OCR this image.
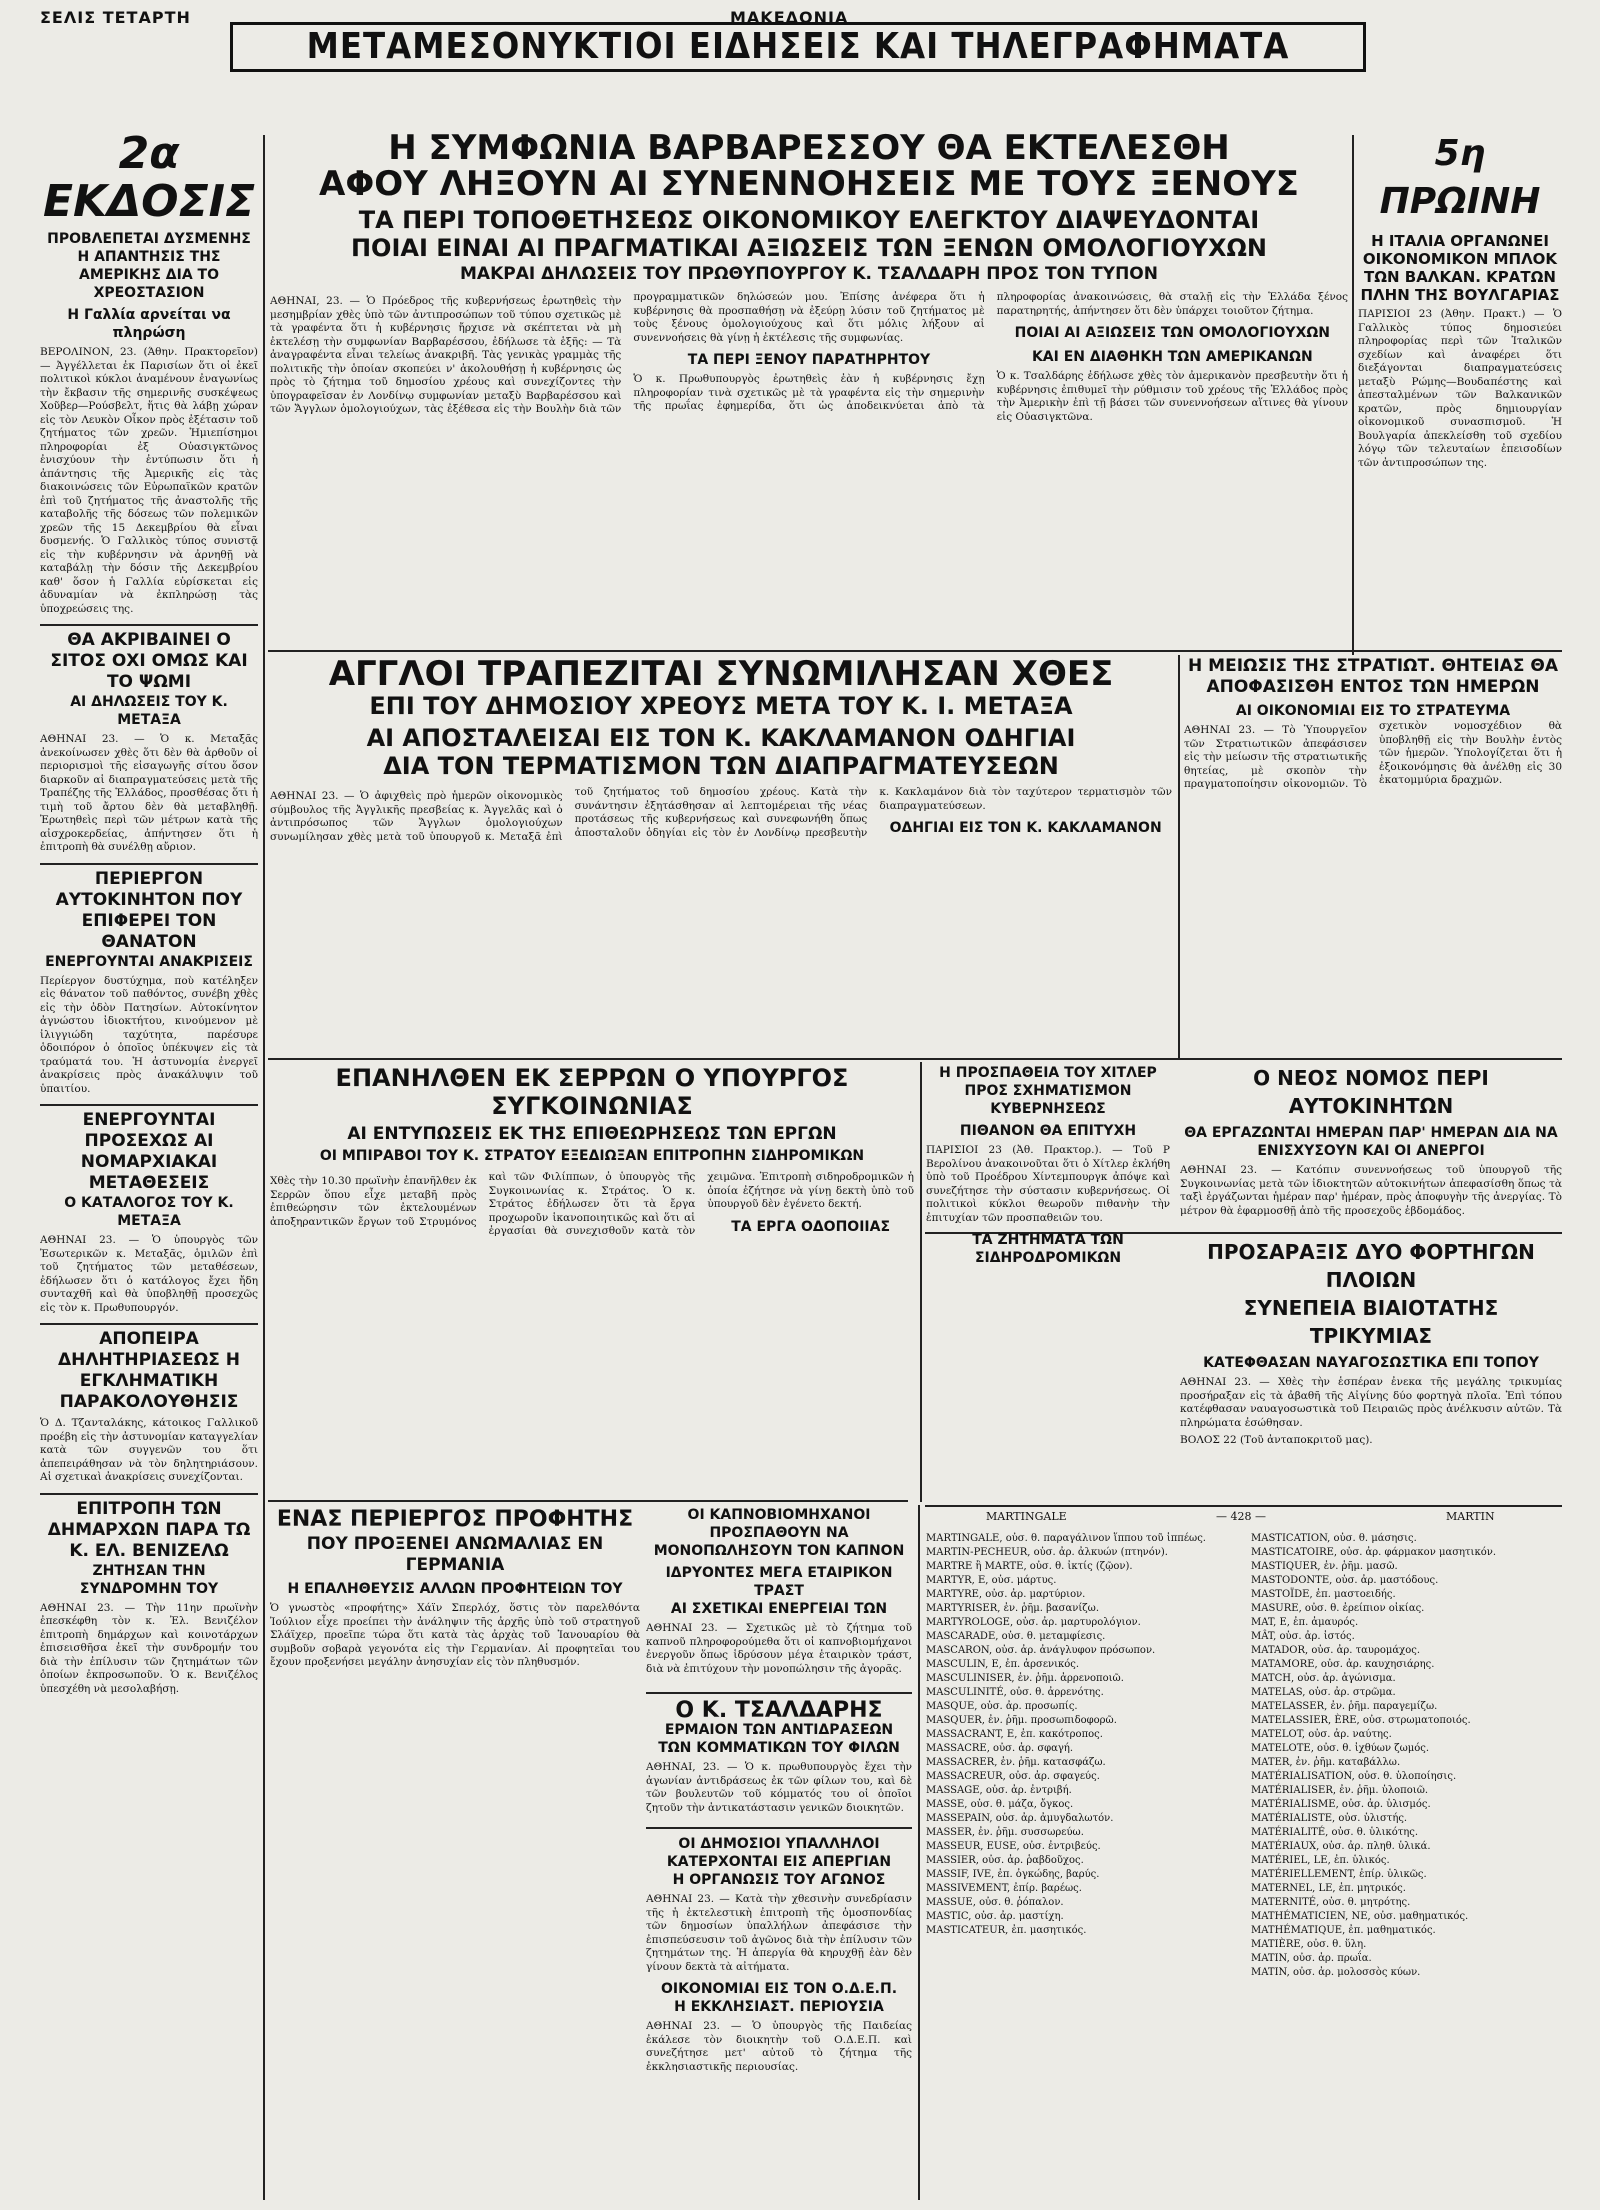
ΣΕΛΙΣ ΤΕΤΑΡΤΗ	ΜΑΚΕΔΟΝΙΑ
ΜΕΤΑΜΕΣΟΝΥΚΤΙΟΙ ΕΙΔΗΣΕΙΣ ΚΑΙ ΤΗΛΕΓΡΑΦΗΜΑΤΑ
2α ΕΚΔΟΣΙΣ
ΠΡΟΒΛΕΠΕΤΑΙ ΔΥΣΜΕΝΗΣ Η ΑΠΑΝΤΗΣΙΣ ΤΗΣ ΑΜΕΡΙΚΗΣ ΔΙΑ ΤΟ ΧΡΕΟΣΤΑΣΙΟΝ
Η Γαλλία αρνείται να πληρώση

ΒΕΡΟΛΙΝΟΝ, 23. (Άθην. Πρακτορεῖον) — Ἀγγέλλεται ἐκ Παρισίων ὅτι οἱ ἐκεῖ πολιτικοὶ κύκλοι ἀναμένουν ἐναγωνίως τὴν ἔκβασιν τῆς σημερινῆς συσκέψεως Χοῦβερ—Ρούσβελτ, ἥτις θὰ λάβῃ χώραν εἰς τὸν Λευκὸν Οἶκον πρὸς ἐξέτασιν τοῦ ζητήματος τῶν χρεῶν. Ἡμιεπίσημοι πληροφορίαι ἐξ Οὐασιγκτῶνος ἐνισχύουν τὴν ἐντύπωσιν ὅτι ἡ ἀπάντησις τῆς Ἀμερικῆς εἰς τὰς διακοινώσεις τῶν Εὐρωπαϊκῶν κρατῶν ἐπὶ τοῦ ζητήματος τῆς ἀναστολῆς τῆς καταβολῆς τῆς δόσεως τῶν πολεμικῶν χρεῶν τῆς 15 Δεκεμβρίου θὰ εἶναι δυσμενής. Ὁ Γαλλικὸς τύπος συνιστᾷ εἰς τὴν κυβέρνησιν νὰ ἀρνηθῇ νὰ καταβάλῃ τὴν δόσιν τῆς Δεκεμβρίου καθ' ὅσον ἡ Γαλλία εὑρίσκεται εἰς ἀδυναμίαν νὰ ἐκπληρώσῃ τὰς ὑποχρεώσεις της.

ΘΑ ΑΚΡΙΒΑΙΝΕΙ Ο ΣΙΤΟΣ ΟΧΙ ΟΜΩΣ ΚΑΙ ΤΟ ΨΩΜΙ
ΑΙ ΔΗΛΩΣΕΙΣ ΤΟΥ Κ. ΜΕΤΑΞΑ

ΑΘΗΝΑΙ 23. — Ὁ κ. Μεταξᾶς ἀνεκοίνωσεν χθὲς ὅτι δὲν θὰ ἀρθοῦν οἱ περιορισμοὶ τῆς εἰσαγωγῆς σίτου ὅσον διαρκοῦν αἱ διαπραγματεύσεις μετὰ τῆς Τραπέζης τῆς Ἑλλάδος, προσθέσας ὅτι ἡ τιμὴ τοῦ ἄρτου δὲν θὰ μεταβληθῇ. Ἐρωτηθεὶς περὶ τῶν μέτρων κατὰ τῆς αἰσχροκερδείας, ἀπήντησεν ὅτι ἡ ἐπιτροπὴ θὰ συνέλθῃ αὔριον.

ΠΕΡΙΕΡΓΟΝ ΑΥΤΟΚΙΝΗΤΟΝ ΠΟΥ ΕΠΙΦΕΡΕΙ ΤΟΝ ΘΑΝΑΤΟΝ
ΕΝΕΡΓΟΥΝΤΑΙ ΑΝΑΚΡΙΣΕΙΣ

Περίεργον δυστύχημα, ποὺ κατέληξεν εἰς θάνατον τοῦ παθόντος, συνέβη χθὲς εἰς τὴν ὁδὸν Πατησίων. Αὐτοκίνητον ἀγνώστου ἰδιοκτήτου, κινούμενον μὲ ἰλιγγιώδη ταχύτητα, παρέσυρε ὁδοιπόρον ὁ ὁποῖος ὑπέκυψεν εἰς τὰ τραύματά του. Ἡ ἀστυνομία ἐνεργεῖ ἀνακρίσεις πρὸς ἀνακάλυψιν τοῦ ὑπαιτίου.

ΕΝΕΡΓΟΥΝΤΑΙ ΠΡΟΣΕΧΩΣ ΑΙ ΝΟΜΑΡΧΙΑΚΑΙ ΜΕΤΑΘΕΣΕΙΣ
Ο ΚΑΤΑΛΟΓΟΣ ΤΟΥ Κ. ΜΕΤΑΞΑ

ΑΘΗΝΑΙ 23. — Ὁ ὑπουργὸς τῶν Ἐσωτερικῶν κ. Μεταξᾶς, ὁμιλῶν ἐπὶ τοῦ ζητήματος τῶν μεταθέσεων, ἐδήλωσεν ὅτι ὁ κατάλογος ἔχει ἤδη συνταχθῆ καὶ θὰ ὑποβληθῇ προσεχῶς εἰς τὸν κ. Πρωθυπουργόν.

ΑΠΟΠΕΙΡΑ ΔΗΛΗΤΗΡΙΑΣΕΩΣ Η ΕΓΚΛΗΜΑΤΙΚΗ ΠΑΡΑΚΟΛΟΥΘΗΣΙΣ

Ὁ Δ. Τζανταλάκης, κάτοικος Γαλλικοῦ προέβη εἰς τὴν ἀστυνομίαν καταγγελίαν κατὰ τῶν συγγενῶν του ὅτι ἀπεπειράθησαν νὰ τὸν δηλητηριάσουν. Αἱ σχετικαὶ ἀνακρίσεις συνεχίζονται.

ΕΠΙΤΡΟΠΗ ΤΩΝ ΔΗΜΑΡΧΩΝ ΠΑΡΑ ΤΩ Κ. ΕΛ. ΒΕΝΙΖΕΛΩ
ΖΗΤΗΣΑΝ ΤΗΝ ΣΥΝΔΡΟΜΗΝ ΤΟΥ

ΑΘΗΝΑΙ 23. — Τὴν 11ην πρωϊνὴν ἐπεσκέφθη τὸν κ. Ἐλ. Βενιζέλον ἐπιτροπὴ δημάρχων καὶ κοινοτάρχων ἐπισεισθῆσα ἐκεῖ τὴν συνδρομήν του διὰ τὴν ἐπίλυσιν τῶν ζητημάτων τῶν ὁποίων ἐκπροσωποῦν. Ὁ κ. Βενιζέλος ὑπεσχέθη νὰ μεσολαβήσῃ.

Η ΣΥΜΦΩΝΙΑ ΒΑΡΒΑΡΕΣΣΟΥ ΘΑ ΕΚΤΕΛΕΣΘΗ
ΑΦΟΥ ΛΗΞΟΥΝ ΑΙ ΣΥΝΕΝΝΟΗΣΕΙΣ ΜΕ ΤΟΥΣ ΞΕΝΟΥΣ
ΤΑ ΠΕΡΙ ΤΟΠΟΘΕΤΗΣΕΩΣ ΟΙΚΟΝΟΜΙΚΟΥ ΕΛΕΓΚΤΟΥ ΔΙΑΨΕΥΔΟΝΤΑΙ
ΠΟΙΑΙ ΕΙΝΑΙ ΑΙ ΠΡΑΓΜΑΤΙΚΑΙ ΑΞΙΩΣΕΙΣ ΤΩΝ ΞΕΝΩΝ ΟΜΟΛΟΓΙΟΥΧΩΝ
ΜΑΚΡΑΙ ΔΗΛΩΣΕΙΣ ΤΟΥ ΠΡΩΘΥΠΟΥΡΓΟΥ Κ. ΤΣΑΛΔΑΡΗ ΠΡΟΣ ΤΟΝ ΤΥΠΟΝ

ΑΘΗΝΑΙ, 23. — Ὁ Πρόεδρος τῆς κυβερνήσεως ἐρωτηθεὶς τὴν μεσημβρίαν χθὲς ὑπὸ τῶν ἀντιπροσώπων τοῦ τύπου σχετικῶς μὲ τὰ γραφέντα ὅτι ἡ κυβέρνησις ἤρχισε νὰ σκέπτεται νὰ μὴ ἐκτελέσῃ τὴν συμφωνίαν Βαρβαρέσσου, ἐδήλωσε τὰ ἑξῆς: — Τὰ ἀναγραφέντα εἶναι τελείως ἀνακριβῆ. Τὰς γενικὰς γραμμὰς τῆς πολιτικῆς τὴν ὁποίαν σκοπεύει ν' ἀκολουθήσῃ ἡ κυβέρνησις ὡς πρὸς τὸ ζήτημα τοῦ δημοσίου χρέους καὶ συνεχίζοντες τὴν ὑπογραφεῖσαν ἐν Λονδίνῳ συμφωνίαν μεταξὺ Βαρβαρέσσου καὶ τῶν Ἄγγλων ὁμολογιούχων, τὰς ἐξέθεσα εἰς τὴν Βουλὴν διὰ τῶν προγραμματικῶν δηλώσεών μου. Ἐπίσης ἀνέφερα ὅτι ἡ κυβέρνησις θὰ προσπαθήσῃ νὰ ἐξεύρῃ λύσιν τοῦ ζητήματος μὲ τοὺς ξένους ὁμολογιούχους καὶ ὅτι μόλις λήξουν αἱ συνεννοήσεις θὰ γίνῃ ἡ ἐκτέλεσις τῆς συμφωνίας.

ΤΑ ΠΕΡΙ ΞΕΝΟΥ ΠΑΡΑΤΗΡΗΤΟΥ

Ὁ κ. Πρωθυπουργὸς ἐρωτηθεὶς ἐὰν ἡ κυβέρνησις ἔχῃ πληροφορίαν τινὰ σχετικῶς μὲ τὰ γραφέντα εἰς τὴν σημερινὴν τῆς πρωΐας ἐφημερίδα, ὅτι ὡς ἀποδεικνύεται ἀπὸ τὰ πληροφορίας ἀνακοινώσεις, θὰ σταλῇ εἰς τὴν Ἑλλάδα ξένος παρατηρητής, ἀπήντησεν ὅτι δὲν ὑπάρχει τοιοῦτον ζήτημα.

ΠΟΙΑΙ ΑΙ ΑΞΙΩΣΕΙΣ ΤΩΝ ΟΜΟΛΟΓΙΟΥΧΩΝ
ΚΑΙ ΕΝ ΔΙΑΘΗΚΗ ΤΩΝ ΑΜΕΡΙΚΑΝΩΝ

Ὁ κ. Τσαλδάρης ἐδήλωσε χθὲς τὸν ἀμερικανὸν πρεσβευτὴν ὅτι ἡ κυβέρνησις ἐπιθυμεῖ τὴν ρύθμισιν τοῦ χρέους τῆς Ἑλλάδος πρὸς τὴν Ἀμερικὴν ἐπὶ τῇ βάσει τῶν συνεννοήσεων αἵτινες θὰ γίνουν εἰς Οὐασιγκτῶνα.

5η ΠΡΩΙΝΗ
Η ΙΤΑΛΙΑ ΟΡΓΑΝΩΝΕΙ ΟΙΚΟΝΟΜΙΚΟΝ ΜΠΛΟΚ ΤΩΝ ΒΑΛΚΑΝ. ΚΡΑΤΩΝ ΠΛΗΝ ΤΗΣ ΒΟΥΛΓΑΡΙΑΣ

ΠΑΡΙΣΙΟΙ 23 (Ἀθην. Πρακτ.) — Ὁ Γαλλικὸς τύπος δημοσιεύει πληροφορίας περὶ τῶν Ἰταλικῶν σχεδίων καὶ ἀναφέρει ὅτι διεξάγονται διαπραγματεύσεις μεταξὺ Ρώμης—Βουδαπέστης καὶ ἀπεσταλμένων τῶν Βαλκανικῶν κρατῶν, πρὸς δημιουργίαν οἰκονομικοῦ συνασπισμοῦ. Ἡ Βουλγαρία ἀπεκλείσθη τοῦ σχεδίου λόγῳ τῶν τελευταίων ἐπεισοδίων τῶν ἀντιπροσώπων της.

ΑΓΓΛΟΙ ΤΡΑΠΕΖΙΤΑΙ ΣΥΝΩΜΙΛΗΣΑΝ ΧΘΕΣ
ΕΠΙ ΤΟΥ ΔΗΜΟΣΙΟΥ ΧΡΕΟΥΣ ΜΕΤΑ ΤΟΥ Κ. Ι. ΜΕΤΑΞΑ
ΑΙ ΑΠΟΣΤΑΛΕΙΣΑΙ ΕΙΣ ΤΟΝ Κ. ΚΑΚΛΑΜΑΝΟΝ ΟΔΗΓΙΑΙ
ΔΙΑ ΤΟΝ ΤΕΡΜΑΤΙΣΜΟΝ ΤΩΝ ΔΙΑΠΡΑΓΜΑΤΕΥΣΕΩΝ

ΑΘΗΝΑΙ 23. — Ὁ ἀφιχθεὶς πρὸ ἡμερῶν οἰκονομικὸς σύμβουλος τῆς Ἀγγλικῆς πρεσβείας κ. Ἀγγελᾶς καὶ ὁ ἀντιπρόσωπος τῶν Ἄγγλων ὁμολογιούχων συνωμίλησαν χθὲς μετὰ τοῦ ὑπουργοῦ κ. Μεταξᾶ ἐπὶ τοῦ ζητήματος τοῦ δημοσίου χρέους. Κατὰ τὴν συνάντησιν ἐξητάσθησαν αἱ λεπτομέρειαι τῆς νέας προτάσεως τῆς κυβερνήσεως καὶ συνεφωνήθη ὅπως ἀποσταλοῦν ὁδηγίαι εἰς τὸν ἐν Λονδίνῳ πρεσβευτὴν κ. Κακλαμάνον διὰ τὸν ταχύτερον τερματισμὸν τῶν διαπραγματεύσεων.

ΟΔΗΓΙΑΙ ΕΙΣ ΤΟΝ Κ. ΚΑΚΛΑΜΑΝΟΝ
Η ΜΕΙΩΣΙΣ ΤΗΣ ΣΤΡΑΤΙΩΤ. ΘΗΤΕΙΑΣ ΘΑ ΑΠΟΦΑΣΙΣΘΗ ΕΝΤΟΣ ΤΩΝ ΗΜΕΡΩΝ
ΑΙ ΟΙΚΟΝΟΜΙΑΙ ΕΙΣ ΤΟ ΣΤΡΑΤΕΥΜΑ

ΑΘΗΝΑΙ 23. — Τὸ Ὑπουργεῖον τῶν Στρατιωτικῶν ἀπεφάσισεν εἰς τὴν μείωσιν τῆς στρατιωτικῆς θητείας, μὲ σκοπὸν τὴν πραγματοποίησιν οἰκονομιῶν. Τὸ σχετικὸν νομοσχέδιον θὰ ὑποβληθῇ εἰς τὴν Βουλὴν ἐντὸς τῶν ἡμερῶν. Ὑπολογίζεται ὅτι ἡ ἐξοικονόμησις θὰ ἀνέλθῃ εἰς 30 ἑκατομμύρια δραχμῶν.

ΕΠΑΝΗΛΘΕΝ ΕΚ ΣΕΡΡΩΝ Ο ΥΠΟΥΡΓΟΣ ΣΥΓΚΟΙΝΩΝΙΑΣ
ΑΙ ΕΝΤΥΠΩΣΕΙΣ ΕΚ ΤΗΣ ΕΠΙΘΕΩΡΗΣΕΩΣ ΤΩΝ ΕΡΓΩΝ
ΟΙ ΜΠΙΡΑΒΟΙ ΤΟΥ Κ. ΣΤΡΑΤΟΥ ΕΞΕΔΙΩΞΑΝ ΕΠΙΤΡΟΠΗΝ ΣΙΔΗΡΟΜΙΚΩΝ

Χθὲς τὴν 10.30 πρωϊνὴν ἐπανῆλθεν ἐκ Σερρῶν ὅπου εἶχε μεταβῆ πρὸς ἐπιθεώρησιν τῶν ἐκτελουμένων ἀποξηραντικῶν ἔργων τοῦ Στρυμόνος καὶ τῶν Φιλίππων, ὁ ὑπουργὸς τῆς Συγκοινωνίας κ. Στράτος. Ὁ κ. Στράτος ἐδήλωσεν ὅτι τὰ ἔργα προχωροῦν ἱκανοποιητικῶς καὶ ὅτι αἱ ἐργασίαι θὰ συνεχισθοῦν κατὰ τὸν χειμῶνα. Ἐπιτροπὴ σιδηροδρομικῶν ἡ ὁποία ἐζήτησε νὰ γίνῃ δεκτὴ ὑπὸ τοῦ ὑπουργοῦ δὲν ἐγένετο δεκτή.

ΤΑ ΕΡΓΑ ΟΔΟΠΟΙΙΑΣ
Η ΠΡΟΣΠΑΘΕΙΑ ΤΟΥ ΧΙΤΛΕΡ ΠΡΟΣ ΣΧΗΜΑΤΙΣΜΟΝ ΚΥΒΕΡΝΗΣΕΩΣ
ΠΙΘΑΝΟΝ ΘΑ ΕΠΙΤΥΧΗ

ΠΑΡΙΣΙΟΙ 23 (Ἀθ. Πρακτορ.). — Τοῦ Ρ Βερολίνου ἀνακοινοῦται ὅτι ὁ Χίτλερ ἐκλήθη ὑπὸ τοῦ Προέδρου Χίντεμπουργκ ἀπόψε καὶ συνεζήτησε τὴν σύστασιν κυβερνήσεως. Οἱ πολιτικοὶ κύκλοι θεωροῦν πιθανὴν τὴν ἐπιτυχίαν τῶν προσπαθειῶν του.

ΤΑ ΖΗΤΗΜΑΤΑ ΤΩΝ ΣΙΔΗΡΟΔΡΟΜΙΚΩΝ
Ο ΝΕΟΣ ΝΟΜΟΣ ΠΕΡΙ ΑΥΤΟΚΙΝΗΤΩΝ
ΘΑ ΕΡΓΑΖΩΝΤΑΙ ΗΜΕΡΑΝ ΠΑΡ' ΗΜΕΡΑΝ ΔΙΑ ΝΑ ΕΝΙΣΧΥΣΟΥΝ ΚΑΙ ΟΙ ΑΝΕΡΓΟΙ

ΑΘΗΝΑΙ 23. — Κατόπιν συνεννοήσεως τοῦ ὑπουργοῦ τῆς Συγκοινωνίας μετὰ τῶν ἰδιοκτητῶν αὐτοκινήτων ἀπεφασίσθη ὅπως τὰ ταξὶ ἐργάζωνται ἡμέραν παρ' ἡμέραν, πρὸς ἀποφυγὴν τῆς ἀνεργίας. Τὸ μέτρον θὰ ἐφαρμοσθῇ ἀπὸ τῆς προσεχοῦς ἑβδομάδος.

ΠΡΟΣΑΡΑΞΙΣ ΔΥΟ ΦΟΡΤΗΓΩΝ ΠΛΟΙΩΝ
ΣΥΝΕΠΕΙΑ ΒΙΑΙΟΤΑΤΗΣ ΤΡΙΚΥΜΙΑΣ
ΚΑΤΕΦΘΑΣΑΝ ΝΑΥΑΓΟΣΩΣΤΙΚΑ ΕΠΙ ΤΟΠΟΥ

ΑΘΗΝΑΙ 23. — Χθὲς τὴν ἑσπέραν ἐνεκα τῆς μεγάλης τρικυμίας προσήραξαν εἰς τὰ ἀβαθῆ τῆς Αἰγίνης δύο φορτηγὰ πλοῖα. Ἐπὶ τόπου κατέφθασαν ναυαγοσωστικὰ τοῦ Πειραιῶς πρὸς ἀνέλκυσιν αὐτῶν. Τὰ πληρώματα ἐσώθησαν.

ΒΟΛΟΣ 22 (Τοῦ ἀνταποκριτοῦ μας).

ΕΝΑΣ ΠΕΡΙΕΡΓΟΣ ΠΡΟΦΗΤΗΣ
ΠΟΥ ΠΡΟΞΕΝΕΙ ΑΝΩΜΑΛΙΑΣ ΕΝ ΓΕΡΜΑΝΙΑ
Η ΕΠΑΛΗΘΕΥΣΙΣ ΑΛΛΩΝ ΠΡΟΦΗΤΕΙΩΝ ΤΟΥ

Ὁ γνωστὸς «προφήτης» Χάϊν Σπερλόχ, ὅστις τὸν παρελθόντα Ἰούλιον εἶχε προείπει τὴν ἀνάληψιν τῆς ἀρχῆς ὑπὸ τοῦ στρατηγοῦ Σλάϊχερ, προεῖπε τώρα ὅτι κατὰ τὰς ἀρχὰς τοῦ Ἰανουαρίου θὰ συμβοῦν σοβαρὰ γεγονότα εἰς τὴν Γερμανίαν. Αἱ προφητεῖαι του ἔχουν προξενήσει μεγάλην ἀνησυχίαν εἰς τὸν πληθυσμόν.

ΟΙ ΚΑΠΝΟΒΙΟΜΗΧΑΝΟΙ ΠΡΟΣΠΑΘΟΥΝ ΝΑ ΜΟΝΟΠΩΛΗΣΟΥΝ ΤΟΝ ΚΑΠΝΟΝ
ΙΔΡΥΟΝΤΕΣ ΜΕΓΑ ΕΤΑΙΡΙΚΟΝ ΤΡΑΣΤ
ΑΙ ΣΧΕΤΙΚΑΙ ΕΝΕΡΓΕΙΑΙ ΤΩΝ

ΑΘΗΝΑΙ 23. — Σχετικῶς μὲ τὸ ζήτημα τοῦ καπνοῦ πληροφορούμεθα ὅτι οἱ καπνοβιομήχανοι ἐνεργοῦν ὅπως ἱδρύσουν μέγα ἑταιρικὸν τράστ, διὰ νὰ ἐπιτύχουν τὴν μονοπώλησιν τῆς ἀγορᾶς.

Ο Κ. ΤΣΑΛΔΑΡΗΣ
ΕΡΜΑΙΟΝ ΤΩΝ ΑΝΤΙΔΡΑΣΕΩΝ ΤΩΝ ΚΟΜΜΑΤΙΚΩΝ ΤΟΥ ΦΙΛΩΝ

ΑΘΗΝΑΙ, 23. — Ὁ κ. πρωθυπουργὸς ἔχει τὴν ἀγωνίαν ἀντιδράσεως ἐκ τῶν φίλων του, καὶ δὲ τῶν βουλευτῶν τοῦ κόμματός του οἱ ὁποῖοι ζητοῦν τὴν ἀντικατάστασιν γενικῶν διοικητῶν.

ΟΙ ΔΗΜΟΣΙΟΙ ΥΠΑΛΛΗΛΟΙ ΚΑΤΕΡΧΟΝΤΑΙ ΕΙΣ ΑΠΕΡΓΙΑΝ
Η ΟΡΓΑΝΩΣΙΣ ΤΟΥ ΑΓΩΝΟΣ

ΑΘΗΝΑΙ 23. — Κατὰ τὴν χθεσινὴν συνεδρίασιν τῆς ἡ ἐκτελεστικὴ ἐπιτροπὴ τῆς ὁμοσπονδίας τῶν δημοσίων ὑπαλλήλων ἀπεφάσισε τὴν ἐπισπεύσευσιν τοῦ ἀγῶνος διὰ τὴν ἐπίλυσιν τῶν ζητημάτων της. Ἡ ἀπεργία θὰ κηρυχθῇ ἐὰν δὲν γίνουν δεκτὰ τὰ αἰτήματα.

ΟΙΚΟΝΟΜΙΑΙ ΕΙΣ ΤΟΝ Ο.Δ.Ε.Π.
Η ΕΚΚΛΗΣΙΑΣΤ. ΠΕΡΙΟΥΣΙΑ

ΑΘΗΝΑΙ 23. — Ὁ ὑπουργὸς τῆς Παιδείας ἐκάλεσε τὸν διοικητὴν τοῦ Ο.Δ.Ε.Π. καὶ συνεζήτησε μετ' αὐτοῦ τὸ ζήτημα τῆς ἐκκλησιαστικῆς περιουσίας.

MARTINGALE	— 428 —	MARTIN
MARTINGALE, οὐσ. θ. παραγάλινον ἵππου τοῦ ἱππέως.
MARTIN-PECHEUR, οὐσ. ἀρ. ἀλκυών (πτηνόν).
MARTRE ἢ MARTE, οὐσ. θ. ἰκτίς (ζῷον).
MARTYR, E, οὐσ. μάρτυς.
MARTYRE, οὐσ. ἀρ. μαρτύριον.
MARTYRISER, ἐν. ῥῆμ. βασανίζω.
MARTYROLOGE, οὐσ. ἀρ. μαρτυρολόγιον.
MASCARADE, οὐσ. θ. μεταμφίεσις.
MASCARON, οὐσ. ἀρ. ἀνάγλυφον πρόσωπον.
MASCULIN, E, ἐπ. ἀρσενικός.
MASCULINISER, ἐν. ῥῆμ. ἀρρενοποιῶ.
MASCULINITÉ, οὐσ. θ. ἀρρενότης.
MASQUE, οὐσ. ἀρ. προσωπίς.
MASQUER, ἐν. ῥῆμ. προσωπιδοφορῶ.
MASSACRANT, E, ἐπ. κακότροπος.
MASSACRE, οὐσ. ἀρ. σφαγή.
MASSACRER, ἐν. ῥῆμ. κατασφάζω.
MASSACREUR, οὐσ. ἀρ. σφαγεύς.
MASSAGE, οὐσ. ἀρ. ἐντριβή.
MASSE, οὐσ. θ. μάζα, ὄγκος.
MASSEPAIN, οὐσ. ἀρ. ἀμυγδαλωτόν.
MASSER, ἐν. ῥῆμ. συσσωρεύω.
MASSEUR, EUSE, οὐσ. ἐντριβεύς.
MASSIER, οὐσ. ἀρ. ῥαβδοῦχος.
MASSIF, IVE, ἐπ. ὀγκώδης, βαρύς.
MASSIVEMENT, ἐπίρ. βαρέως.
MASSUE, οὐσ. θ. ῥόπαλον.
MASTIC, οὐσ. ἀρ. μαστίχη.
MASTICATEUR, ἐπ. μασητικός.
MASTICATION, οὐσ. θ. μάσησις.
MASTICATOIRE, οὐσ. ἀρ. φάρμακον μασητικόν.
MASTIQUER, ἐν. ῥῆμ. μασῶ.
MASTODONTE, οὐσ. ἀρ. μαστόδους.
MASTOÏDE, ἐπ. μαστοειδής.
MASURE, οὐσ. θ. ἐρείπιον οἰκίας.
MAT, E, ἐπ. ἀμαυρός.
MÂT, οὐσ. ἀρ. ἱστός.
MATADOR, οὐσ. ἀρ. ταυρομάχος.
MATAMORE, οὐσ. ἀρ. καυχησιάρης.
MATCH, οὐσ. ἀρ. ἀγώνισμα.
MATELAS, οὐσ. ἀρ. στρῶμα.
MATELASSER, ἐν. ῥῆμ. παραγεμίζω.
MATELASSIER, ÈRE, οὐσ. στρωματοποιός.
MATELOT, οὐσ. ἀρ. ναύτης.
MATELOTE, οὐσ. θ. ἰχθύων ζωμός.
MATER, ἐν. ῥῆμ. καταβάλλω.
MATÉRIALISATION, οὐσ. θ. ὑλοποίησις.
MATÉRIALISER, ἐν. ῥῆμ. ὑλοποιῶ.
MATÉRIALISME, οὐσ. ἀρ. ὑλισμός.
MATÉRIALISTE, οὐσ. ὑλιστής.
MATÉRIALITÉ, οὐσ. θ. ὑλικότης.
MATÉRIAUX, οὐσ. ἀρ. πληθ. ὑλικά.
MATÉRIEL, LE, ἐπ. ὑλικός.
MATÉRIELLEMENT, ἐπίρ. ὑλικῶς.
MATERNEL, LE, ἐπ. μητρικός.
MATERNITÉ, οὐσ. θ. μητρότης.
MATHÉMATICIEN, NE, οὐσ. μαθηματικός.
MATHÉMATIQUE, ἐπ. μαθηματικός.
MATIÈRE, οὐσ. θ. ὕλη.
MATIN, οὐσ. ἀρ. πρωΐα.
MATIN, οὐσ. ἀρ. μολοσσὸς κύων.
